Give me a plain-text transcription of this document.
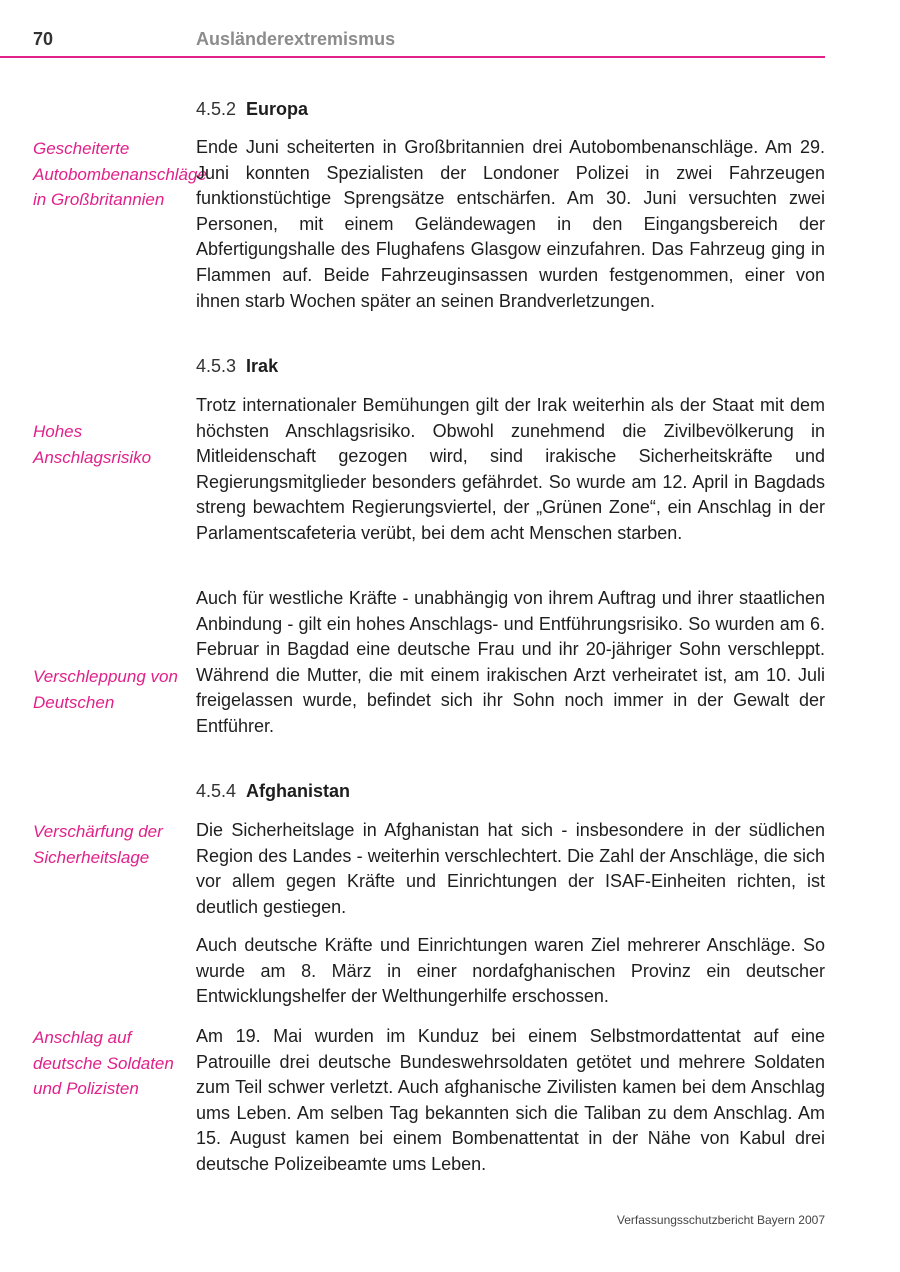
70	Ausländerextremismus
4.5.2 Europa
Gescheiterte Autobombenanschläge in Großbritannien
Ende Juni scheiterten in Großbritannien drei Autobombenanschläge. Am 29. Juni konnten Spezialisten der Londoner Polizei in zwei Fahrzeugen funktionstüchtige Sprengsätze entschärfen. Am 30. Juni versuchten zwei Personen, mit einem Geländewagen in den Eingangsbereich der Abfertigungshalle des Flughafens Glasgow einzufahren. Das Fahrzeug ging in Flammen auf. Beide Fahrzeuginsassen wurden festgenommen, einer von ihnen starb Wochen später an seinen Brandverletzungen.
4.5.3 Irak
Hohes Anschlagsrisiko
Trotz internationaler Bemühungen gilt der Irak weiterhin als der Staat mit dem höchsten Anschlagsrisiko. Obwohl zunehmend die Zivilbevölkerung in Mitleidenschaft gezogen wird, sind irakische Sicherheitskräfte und Regierungsmitglieder besonders gefährdet. So wurde am 12. April in Bagdads streng bewachtem Regierungsviertel, der „Grünen Zone“, ein Anschlag in der Parlamentscafeteria verübt, bei dem acht Menschen starben.
Verschleppung von Deutschen
Auch für westliche Kräfte - unabhängig von ihrem Auftrag und ihrer staatlichen Anbindung - gilt ein hohes Anschlags- und Entführungsrisiko. So wurden am 6. Februar in Bagdad eine deutsche Frau und ihr 20-jähriger Sohn verschleppt. Während die Mutter, die mit einem irakischen Arzt verheiratet ist, am 10. Juli freigelassen wurde, befindet sich ihr Sohn noch immer in der Gewalt der Entführer.
4.5.4 Afghanistan
Verschärfung der Sicherheitslage
Die Sicherheitslage in Afghanistan hat sich - insbesondere in der südlichen Region des Landes - weiterhin verschlechtert. Die Zahl der Anschläge, die sich vor allem gegen Kräfte und Einrichtungen der ISAF-Einheiten richten, ist deutlich gestiegen.
Auch deutsche Kräfte und Einrichtungen waren Ziel mehrerer Anschläge. So wurde am 8. März in einer nordafghanischen Provinz ein deutscher Entwicklungshelfer der Welthungerhilfe erschossen.
Anschlag auf deutsche Soldaten und Polizisten
Am 19. Mai wurden im Kunduz bei einem Selbstmordattentat auf eine Patrouille drei deutsche Bundeswehrsoldaten getötet und mehrere Soldaten zum Teil schwer verletzt. Auch afghanische Zivilisten kamen bei dem Anschlag ums Leben. Am selben Tag bekannten sich die Taliban zu dem Anschlag. Am 15. August kamen bei einem Bombenattentat in der Nähe von Kabul drei deutsche Polizeibeamte ums Leben.
Verfassungsschutzbericht Bayern 2007
